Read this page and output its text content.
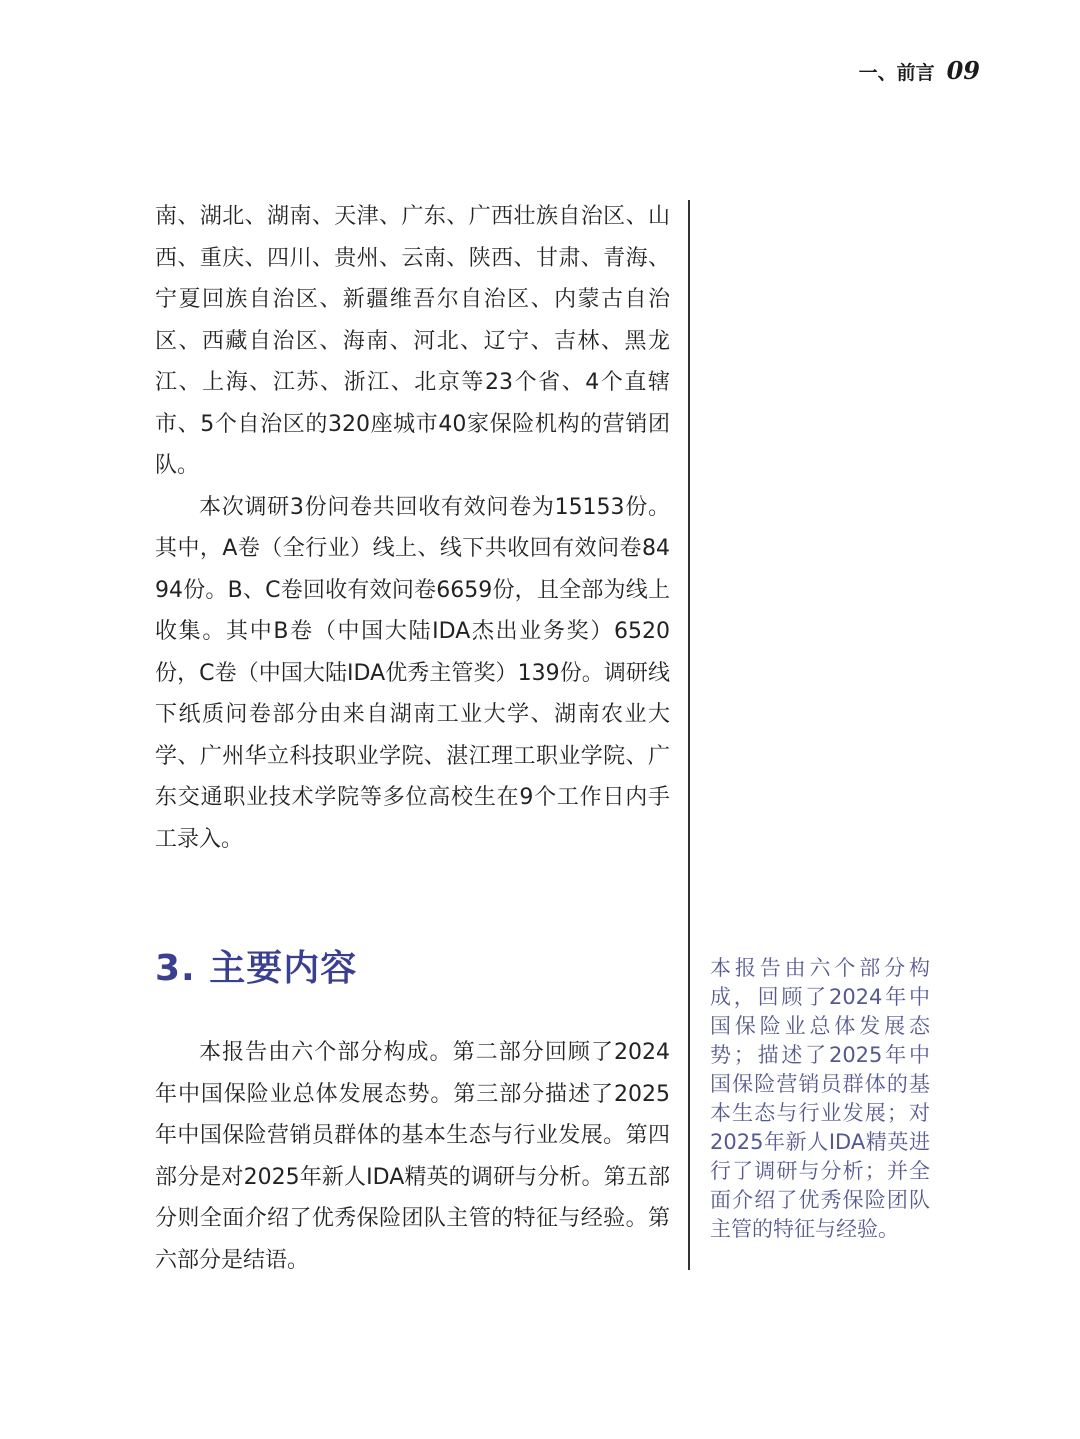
一、前言 09

南、湖北、湖南、天津、广东、广西壮族自治区、山西、重庆、四川、贵州、云南、陕西、甘肃、青海、宁夏回族自治区、新疆维吾尔自治区、内蒙古自治区、西藏自治区、海南、河北、辽宁、吉林、黑龙江、上海、江苏、浙江、北京等23个省、4个直辖市、5个自治区的320座城市40家保险机构的营销团队。

本次调研3份问卷共回收有效问卷为15153份。其中，A卷（全行业）线上、线下共收回有效问卷8494份。B、C卷回收有效问卷6659份，且全部为线上收集。其中B卷（中国大陆IDA杰出业务奖）6520份，C卷（中国大陆IDA优秀主管奖）139份。调研线下纸质问卷部分由来自湖南工业大学、湖南农业大学、广州华立科技职业学院、湛江理工职业学院、广东交通职业技术学院等多位高校生在9个工作日内手工录入。

3. 主要内容

本报告由六个部分构成。第二部分回顾了2024年中国保险业总体发展态势。第三部分描述了2025年中国保险营销员群体的基本生态与行业发展。第四部分是对2025年新人IDA精英的调研与分析。第五部分则全面介绍了优秀保险团队主管的特征与经验。第六部分是结语。

本报告由六个部分构成，回顾了2024年中国保险业总体发展态势；描述了2025年中国保险营销员群体的基本生态与行业发展；对2025年新人IDA精英进行了调研与分析；并全面介绍了优秀保险团队主管的特征与经验。
